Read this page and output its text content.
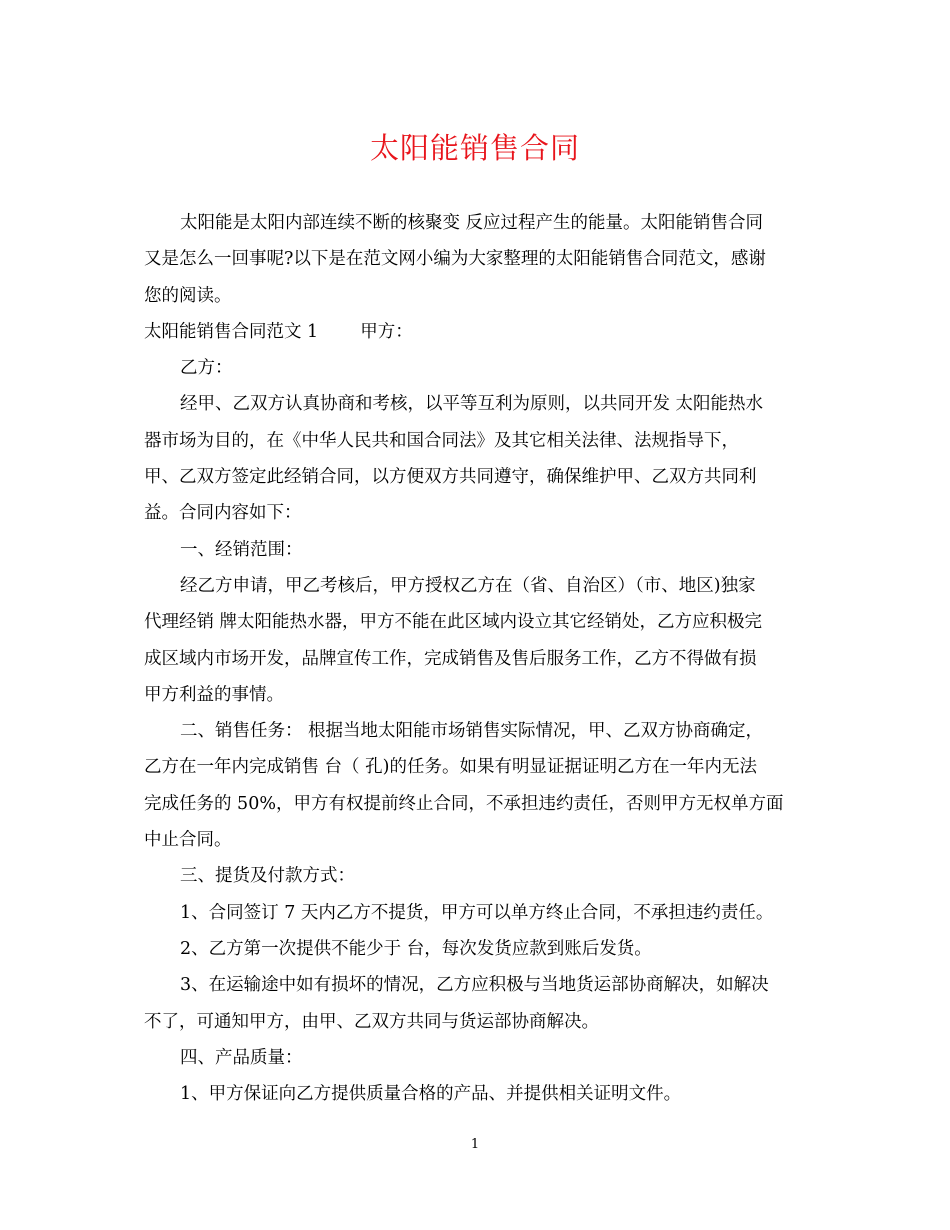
太阳能销售合同
太阳能是太阳内部连续不断的核聚变 反应过程产生的能量。太阳能销售合同
又是怎么一回事呢?以下是在范文网小编为大家整理的太阳能销售合同范文，感谢
您的阅读。
太阳能销售合同范文 1 甲方：
乙方：
经甲、乙双方认真协商和考核，以平等互利为原则，以共同开发 太阳能热水
器市场为目的，在《中华人民共和国合同法》及其它相关法律、法规指导下，
甲、乙双方签定此经销合同，以方便双方共同遵守，确保维护甲、乙双方共同利
益。合同内容如下：
一、经销范围：
经乙方申请，甲乙考核后，甲方授权乙方在（省、自治区）（市、地区)独家
代理经销 牌太阳能热水器，甲方不能在此区域内设立其它经销处，乙方应积极完
成区域内市场开发，品牌宣传工作，完成销售及售后服务工作，乙方不得做有损
甲方利益的事情。
二、销售任务： 根据当地太阳能市场销售实际情况，甲、乙双方协商确定，
乙方在一年内完成销售 台（ 孔)的任务。如果有明显证据证明乙方在一年内无法
完成任务的 50%，甲方有权提前终止合同，不承担违约责任，否则甲方无权单方面
中止合同。
三、提货及付款方式：
1、合同签订 7 天内乙方不提货，甲方可以单方终止合同，不承担违约责任。
2、乙方第一次提供不能少于 台，每次发货应款到账后发货。
3、在运输途中如有损坏的情况，乙方应积极与当地货运部协商解决，如解决
不了，可通知甲方，由甲、乙双方共同与货运部协商解决。
四、产品质量：
1、甲方保证向乙方提供质量合格的产品、并提供相关证明文件。
1
